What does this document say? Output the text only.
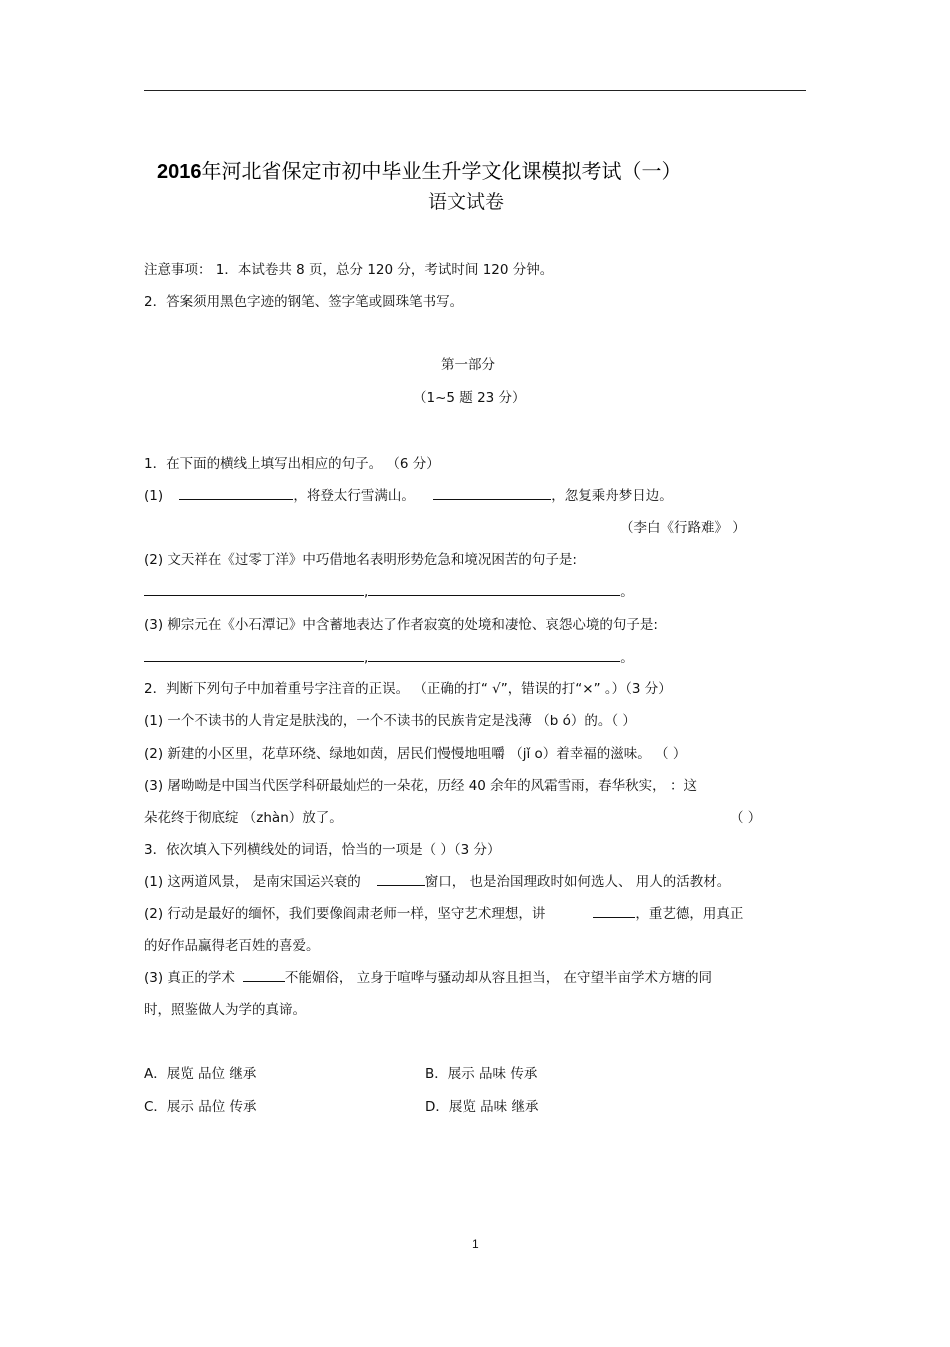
2016年河北省保定市初中毕业生升学文化课模拟考试（一）
语文试卷
注意事项： 1．本试卷共 8 页，总分 120 分，考试时间 120 分钟。
2．答案须用黑色字迹的钢笔、签字笔或圆珠笔书写。
第一部分
（1~5 题 23 分）
1．在下面的横线上填写出相应的句子。 （6 分）
(1)	，将登太行雪满山。	，忽复乘舟梦日边。
（李白《行路难》 ）
(2) 文天祥在《过零丁洋》中巧借地名表明形势危急和境况困苦的句子是:
,	。
(3) 柳宗元在《小石潭记》中含蓄地表达了作者寂寞的处境和凄怆、哀怨心境的句子是:
,	。
2．判断下列句子中加着重号字注音的正误。 （正确的打“ √”，错误的打“×” 。）（3 分）
(1) 一个不读书的人肯定是肤浅的，一个不读书的民族肯定是浅薄 （b ó）的。（ ）
(2) 新建的小区里，花草环绕、绿地如茵，居民们慢慢地咀嚼 （jǐ o）着幸福的滋味。 （ ）
(3) 屠呦呦是中国当代医学科研最灿烂的一朵花，历经 40 余年的风霜雪雨，春华秋实， ：这
朵花终于彻底绽 （zhàn）放了。	（ ）
3．依次填入下列横线处的词语，恰当的一项是（ ）（3 分）
(1) 这两道风景， 是南宋国运兴衰的	窗口， 也是治国理政时如何选人、 用人的活教材。
(2) 行动是最好的缅怀，我们要像阎肃老师一样，坚守艺术理想，讲	，重艺德，用真正
的好作品赢得老百姓的喜爱。
(3) 真正的学术	不能媚俗， 立身于喧哗与骚动却从容且担当， 在守望半亩学术方塘的同
时，照鉴做人为学的真谛。
A．展览 品位 继承	B．展示 品味 传承
C．展示 品位 传承	D．展览 品味 继承
1
